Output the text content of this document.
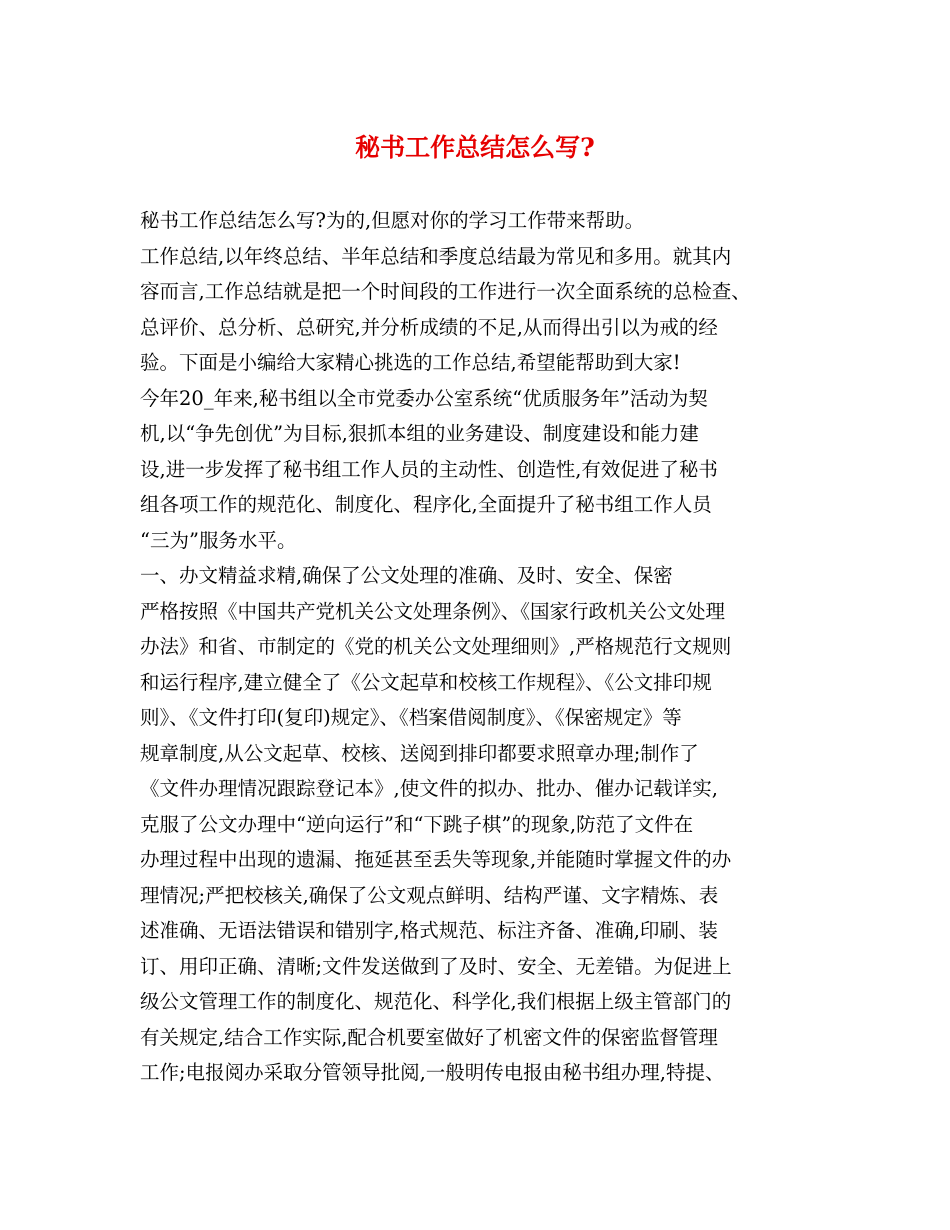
秘书工作总结怎么写?

秘书工作总结怎么写?为的,但愿对你的学习工作带来帮助。

工作总结,以年终总结、半年总结和季度总结最为常见和多用。就其内

容而言,工作总结就是把一个时间段的工作进行一次全面系统的总检查、

总评价、总分析、总研究,并分析成绩的不足,从而得出引以为戒的经

验。下面是小编给大家精心挑选的工作总结,希望能帮助到大家!

今年20_年来,秘书组以全市党委办公室系统“优质服务年”活动为契

机,以“争先创优”为目标,狠抓本组的业务建设、制度建设和能力建

设,进一步发挥了秘书组工作人员的主动性、创造性,有效促进了秘书

组各项工作的规范化、制度化、程序化,全面提升了秘书组工作人员

“三为”服务水平。

一、办文精益求精,确保了公文处理的准确、及时、安全、保密

严格按照《中国共产党机关公文处理条例》、《国家行政机关公文处理

办法》和省、市制定的《党的机关公文处理细则》,严格规范行文规则

和运行程序,建立健全了《公文起草和校核工作规程》、《公文排印规

则》、《文件打印(复印)规定》、《档案借阅制度》、《保密规定》等

规章制度,从公文起草、校核、送阅到排印都要求照章办理;制作了

《文件办理情况跟踪登记本》,使文件的拟办、批办、催办记载详实,

克服了公文办理中“逆向运行”和“下跳子棋”的现象,防范了文件在

办理过程中出现的遗漏、拖延甚至丢失等现象,并能随时掌握文件的办

理情况;严把校核关,确保了公文观点鲜明、结构严谨、文字精炼、表

述准确、无语法错误和错别字,格式规范、标注齐备、准确,印刷、装

订、用印正确、清晰;文件发送做到了及时、安全、无差错。为促进上

级公文管理工作的制度化、规范化、科学化,我们根据上级主管部门的

有关规定,结合工作实际,配合机要室做好了机密文件的保密监督管理

工作;电报阅办采取分管领导批阅,一般明传电报由秘书组办理,特提、
